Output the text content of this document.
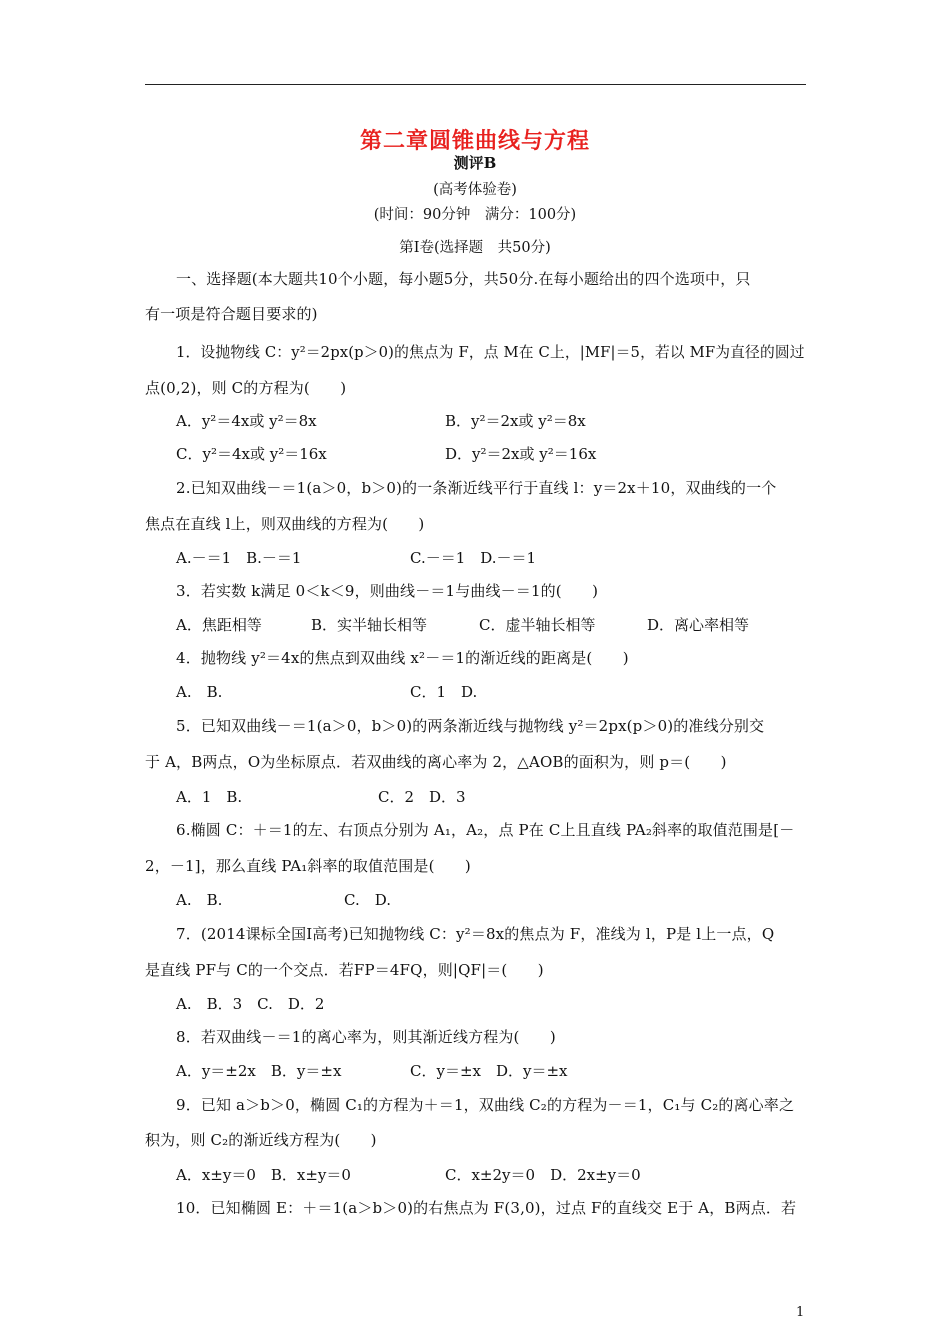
第二章圆锥曲线与方程
测评B
(高考体验卷)
(时间：90分钟　满分：100分)
第Ⅰ卷(选择题　共50分)
一、选择题(本大题共10个小题，每小题5分，共50分.在每小题给出的四个选项中，只
有一项是符合题目要求的)
1．设抛物线 C：y²＝2px(p＞0)的焦点为 F，点 M在 C上，|MF|＝5，若以 MF为直径的圆过
点(0,2)，则 C的方程为(　　)
A．y²＝4x或 y²＝8x	B．y²＝2x或 y²＝8x
C．y²＝4x或 y²＝16x	D．y²＝2x或 y²＝16x
2.已知双曲线－＝1(a＞0，b＞0)的一条渐近线平行于直线 l：y＝2x＋10，双曲线的一个
焦点在直线 l上，则双曲线的方程为(　　)
A.－＝1　B.－＝1	C.－＝1　D.－＝1
3．若实数 k满足 0＜k＜9，则曲线－＝1与曲线－＝1的(　　)
A．焦距相等	B．实半轴长相等	C．虚半轴长相等	D．离心率相等
4．抛物线 y²＝4x的焦点到双曲线 x²－＝1的渐近线的距离是(　　)
A.　B.	C．1　D.
5．已知双曲线－＝1(a＞0，b＞0)的两条渐近线与抛物线 y²＝2px(p＞0)的准线分别交
于 A，B两点，O为坐标原点．若双曲线的离心率为 2，△AOB的面积为，则 p＝(　　)
A．1　B.	C．2　D．3
6.椭圆 C：＋＝1的左、右顶点分别为 A₁，A₂，点 P在 C上且直线 PA₂斜率的取值范围是[－
2，－1]，那么直线 PA₁斜率的取值范围是(　　)
A.　B.	C.　D.
7．(2014课标全国Ⅰ高考)已知抛物线 C：y²＝8x的焦点为 F，准线为 l，P是 l上一点，Q
是直线 PF与 C的一个交点．若FP＝4FQ，则|QF|＝(　　)
A.　B．3　C.　D．2
8．若双曲线－＝1的离心率为，则其渐近线方程为(　　)
A．y＝±2x　B．y＝±x	C．y＝±x　D．y＝±x
9．已知 a＞b＞0，椭圆 C₁的方程为＋＝1，双曲线 C₂的方程为－＝1，C₁与 C₂的离心率之
积为，则 C₂的渐近线方程为(　　)
A．x±y＝0　B．x±y＝0	C．x±2y＝0　D．2x±y＝0
10．已知椭圆 E：＋＝1(a＞b＞0)的右焦点为 F(3,0)，过点 F的直线交 E于 A，B两点．若
1
